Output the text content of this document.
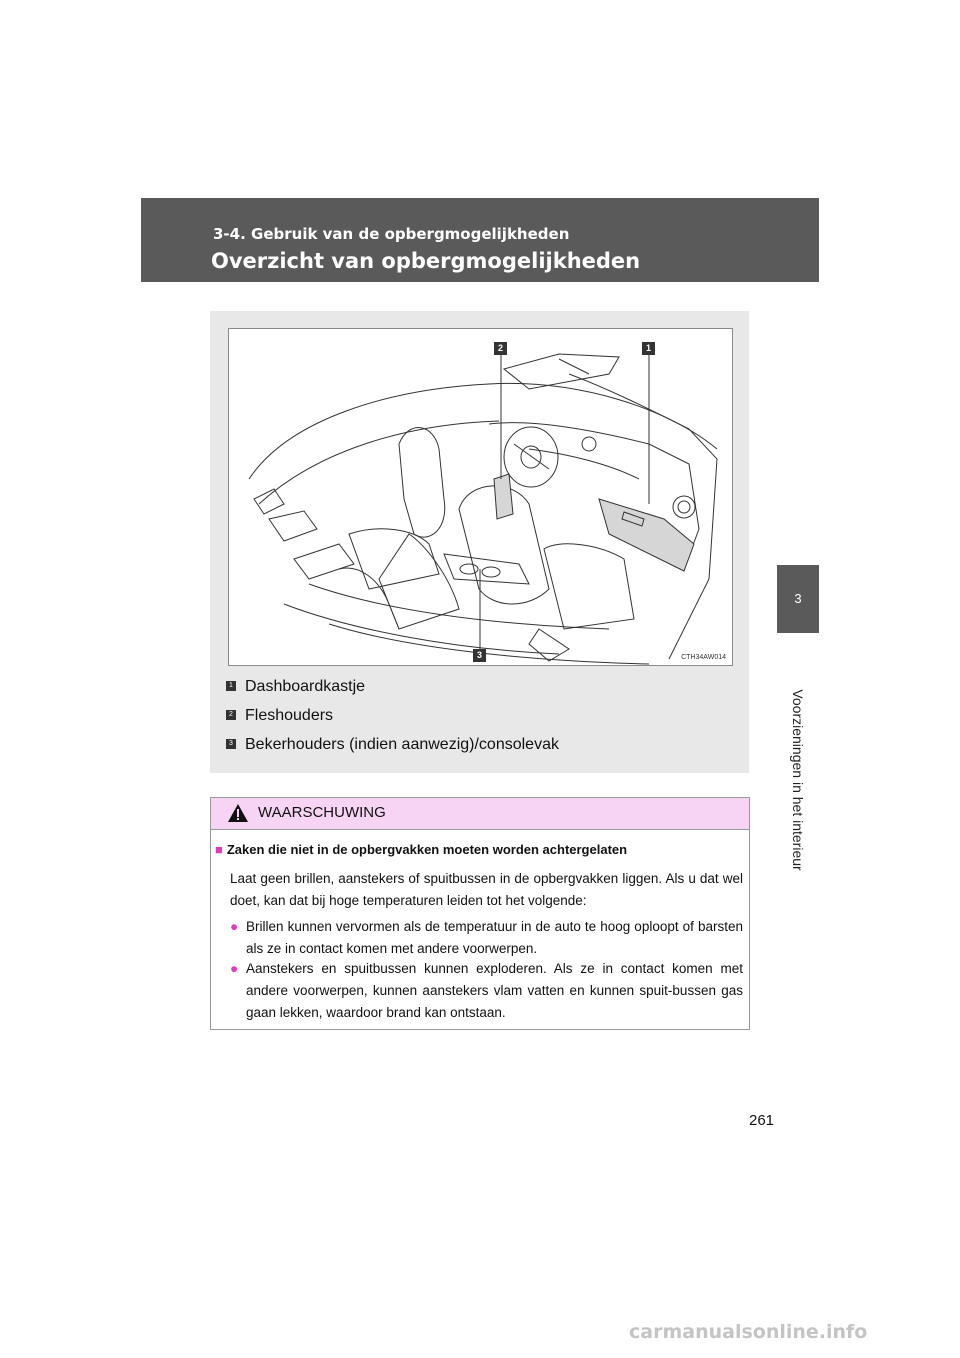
3-4. Gebruik van de opbergmogelijkheden
Overzicht van opbergmogelijkheden
3
Voorzieningen in het interieur
2	1
3	CTH34AW014
1 Dashboardkastje
2 Fleshouders
3 Bekerhouders (indien aanwezig)/consolevak
WAARSCHUWING
■ Zaken die niet in de opbergvakken moeten worden achtergelaten
Laat geen brillen, aanstekers of spuitbussen in de opbergvakken liggen. Als u dat wel doet, kan dat bij hoge temperaturen leiden tot het volgende:
● Brillen kunnen vervormen als de temperatuur in de auto te hoog oploopt of barsten als ze in contact komen met andere voorwerpen.
● Aanstekers en spuitbussen kunnen exploderen. Als ze in contact komen met andere voorwerpen, kunnen aanstekers vlam vatten en kunnen spuit-bussen gas gaan lekken, waardoor brand kan ontstaan.
261
carmanualsonline.info
